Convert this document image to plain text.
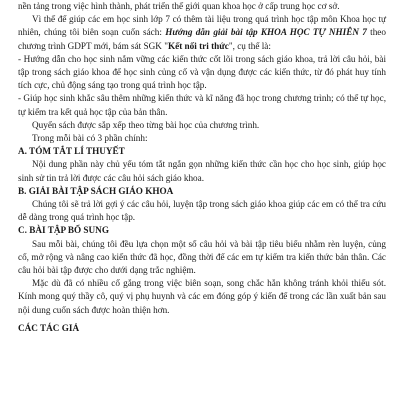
nền tảng trong việc hình thành, phát triển thế giới quan khoa học ở cấp trung học cơ sở.

Vì thế để giúp các em học sinh lớp 7 có thêm tài liệu trong quá trình học tập môn Khoa học tự nhiên, chúng tôi biên soạn cuốn sách: Hướng dẫn giải bài tập KHOA HỌC TỰ NHIÊN 7 theo chương trình GDPT mới, bám sát SGK "Kết nối tri thức", cụ thể là:

- Hướng dẫn cho học sinh nắm vững các kiến thức cốt lõi trong sách giáo khoa, trả lời câu hỏi, bài tập trong sách giáo khoa để học sinh củng cố và vận dụng được các kiến thức, từ đó phát huy tính tích cực, chủ động sáng tạo trong quá trình học tập.

- Giúp học sinh khắc sâu thêm những kiến thức và kĩ năng đã học trong chương trình; có thể tự học, tự kiểm tra kết quả học tập của bản thân.

Quyển sách được sắp xếp theo từng bài học của chương trình.

Trong mỗi bài có 3 phần chính:

A. TÓM TẮT LÍ THUYẾT

Nội dung phần này chủ yếu tóm tắt ngắn gọn những kiến thức cần học cho học sinh, giúp học sinh sử tin trả lời được các câu hỏi sách giáo khoa.

B. GIẢI BÀI TẬP SÁCH GIÁO KHOA

Chúng tôi sẽ trả lời gợi ý các câu hỏi, luyện tập trong sách giáo khoa giúp các em có thể tra cứu dễ dàng trong quá trình học tập.

C. BÀI TẬP BỔ SUNG

Sau mỗi bài, chúng tôi đều lựa chọn một số câu hỏi và bài tập tiêu biểu nhằm rèn luyện, củng cố, mở rộng và nâng cao kiến thức đã học, đồng thời để các em tự kiểm tra kiến thức bản thân. Các câu hỏi bài tập được cho dưới dạng trắc nghiệm.

Mặc dù đã có nhiều cố gắng trong việc biên soạn, song chắc hẳn không tránh khỏi thiếu sót. Kính mong quý thầy cô, quý vị phụ huynh và các em đóng góp ý kiến để trong các lần xuất bản sau nội dung cuốn sách được hoàn thiện hơn.

CÁC TÁC GIẢ
